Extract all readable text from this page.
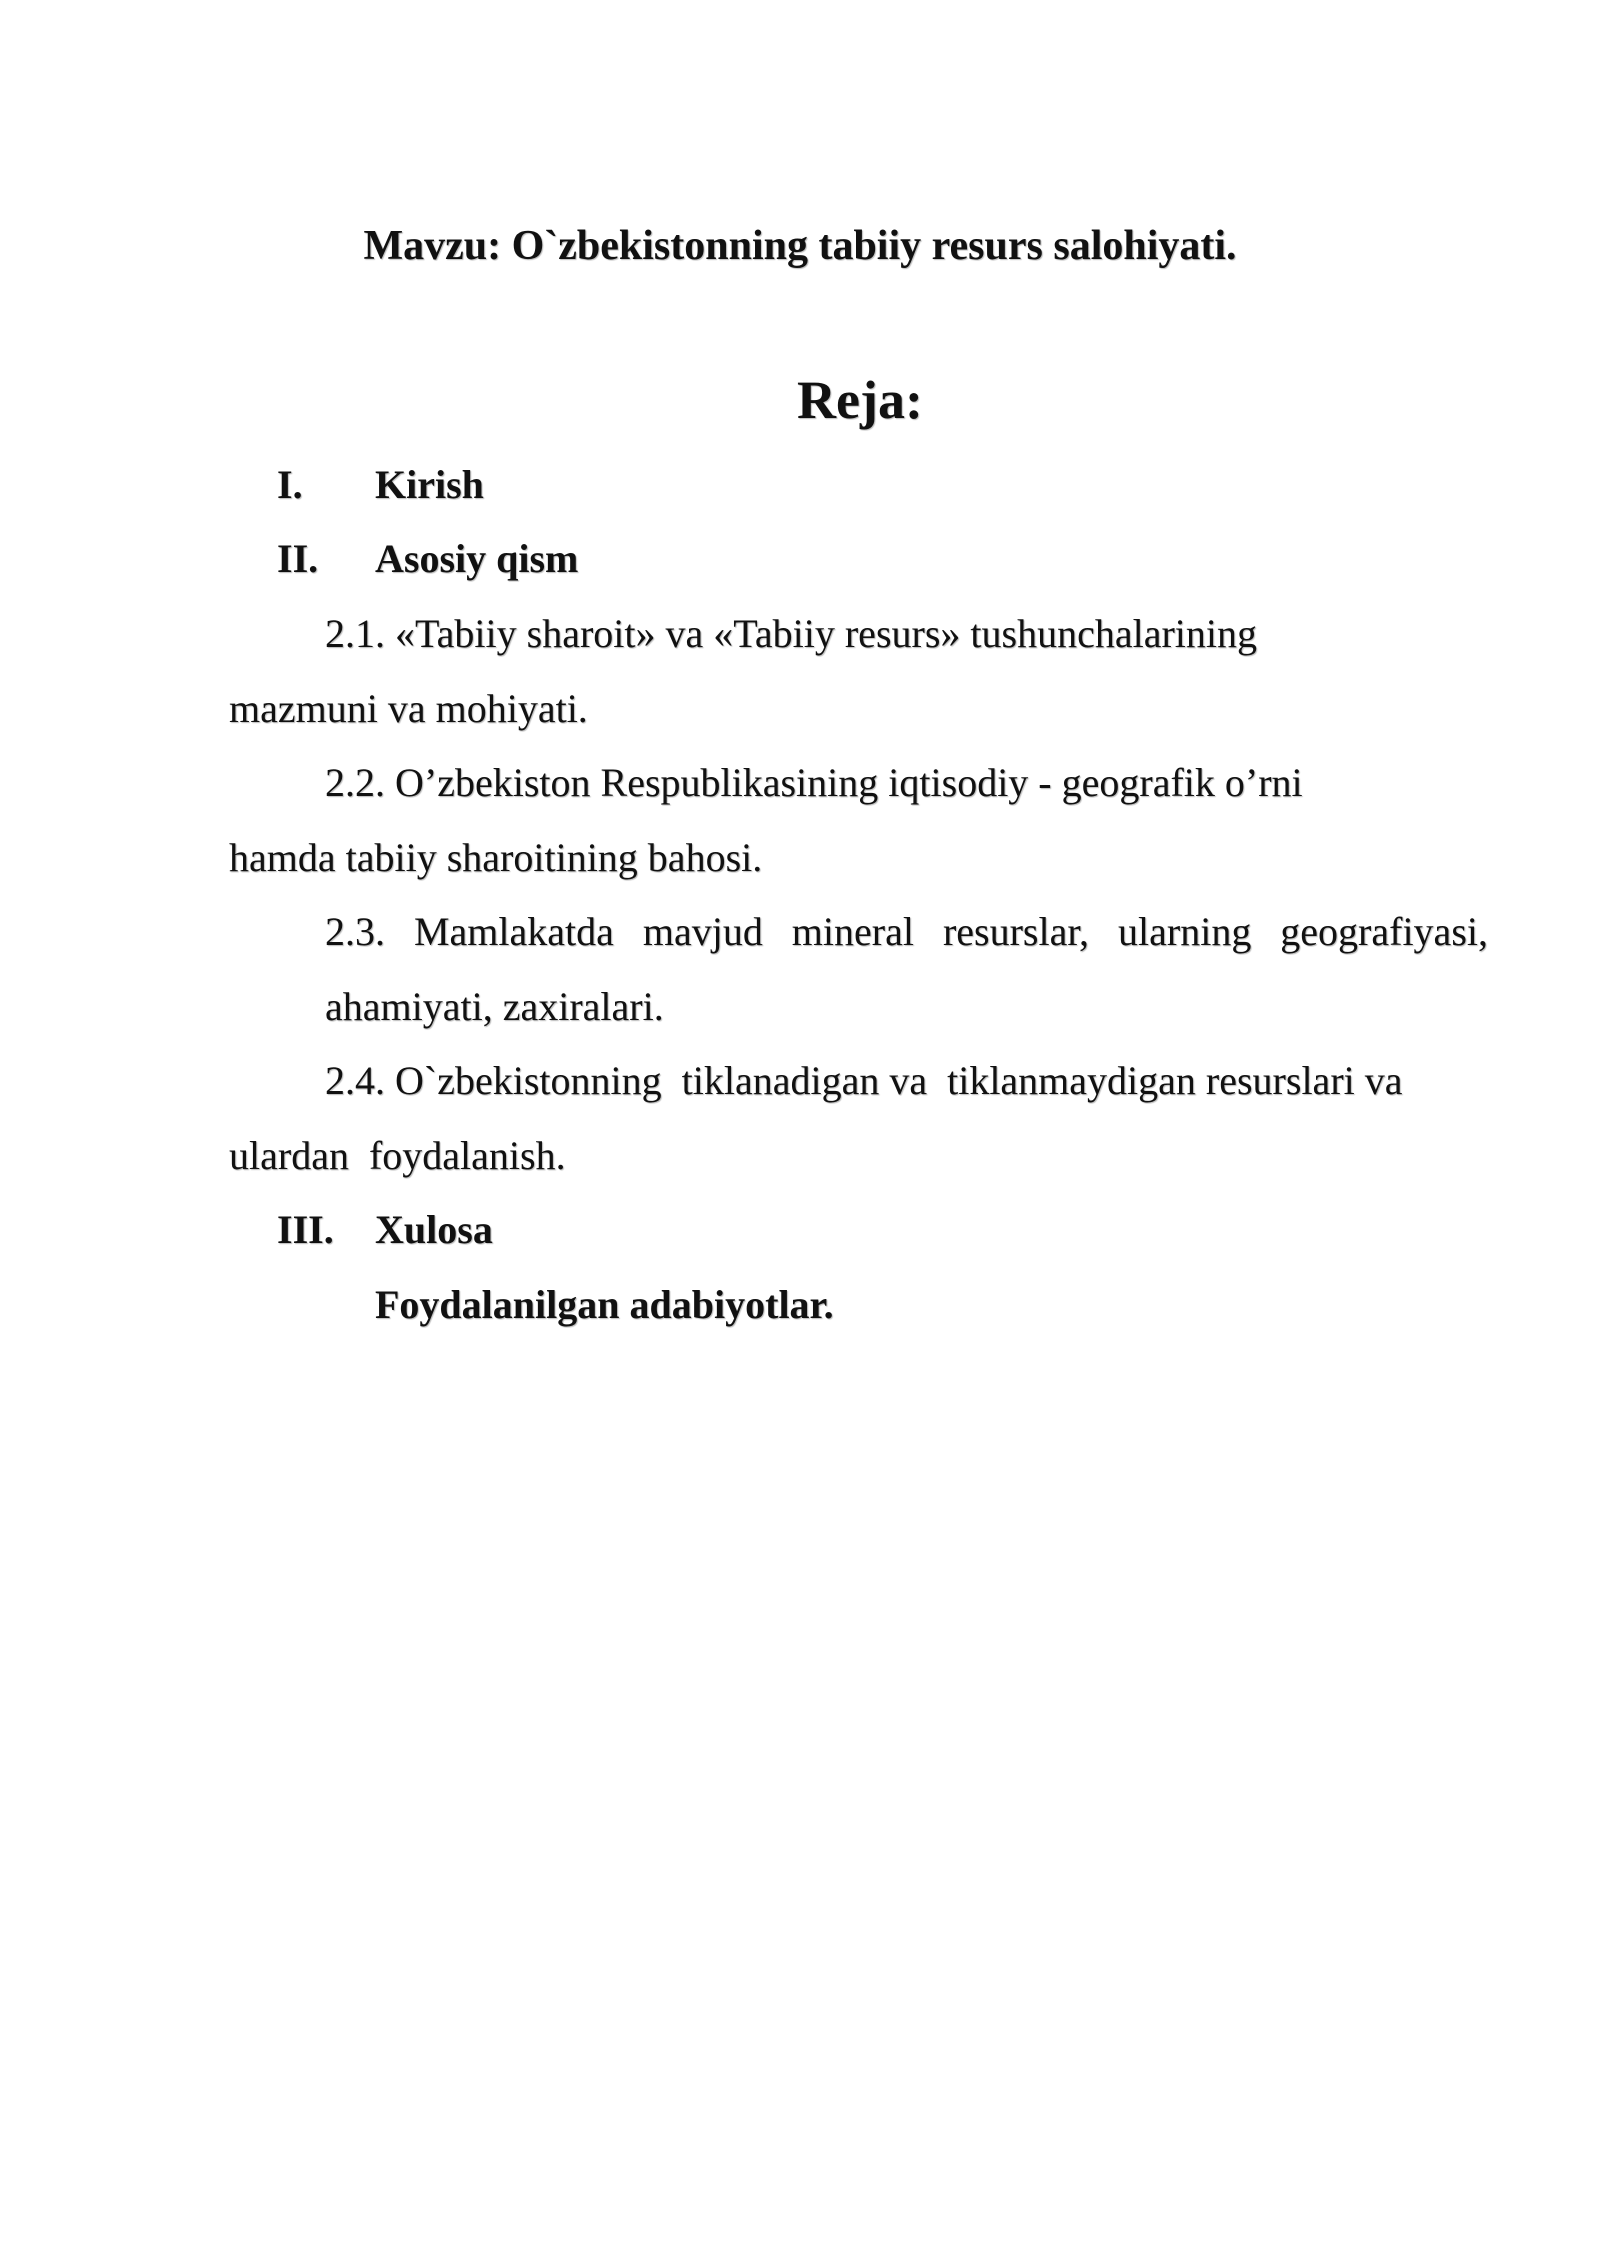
Mavzu: O`zbekistonning tabiiy resurs salohiyati.
Reja:
I. Kirish
II. Asosiy qism
2.1. «Tabiiy sharoit» va «Tabiiy resurs» tushunchalarining
mazmuni va mohiyati.
2.2. O’zbekiston Respublikasining iqtisodiy - geografik o’rni
hamda tabiiy sharoitining bahosi.
2.3. Mamlakatda mavjud mineral resurslar, ularning geografiyasi,
ahamiyati, zaxiralari.
2.4. O`zbekistonning  tiklanadigan va  tiklanmaydigan resurslari va
ulardan  foydalanish.
III. Xulosa
Foydalanilgan adabiyotlar.
